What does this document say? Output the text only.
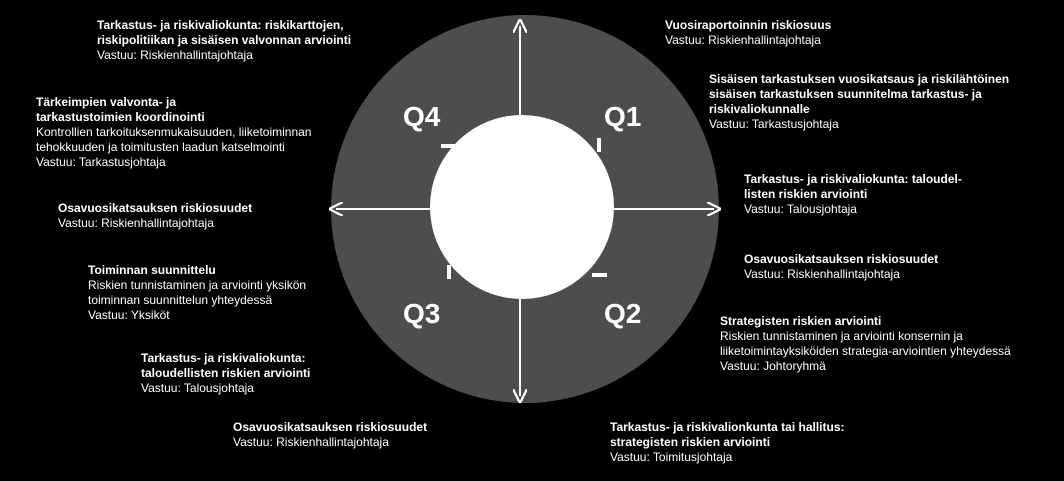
Q4	Q1
Q3	Q2
Tarkastus- ja riskivaliokunta: riskikarttojen,
riskipolitiikan ja sisäisen valvonnan arviointi
Vastuu: Riskienhallintajohtaja
Tärkeimpien valvonta- ja
tarkastustoimien koordinointi
Kontrollien tarkoituksenmukaisuuden, liiketoiminnan
tehokkuuden ja toimitusten laadun katselmointi
Vastuu: Tarkastusjohtaja
Osavuosikatsauksen riskiosuudet
Vastuu: Riskienhallintajohtaja
Toiminnan suunnittelu
Riskien tunnistaminen ja arviointi yksikön
toiminnan suunnittelun yhteydessä
Vastuu: Yksiköt
Tarkastus- ja riskivaliokunta:
taloudellisten riskien arviointi
Vastuu: Talousjohtaja
Osavuosikatsauksen riskiosuudet
Vastuu: Riskienhallintajohtaja
Vuosiraportoinnin riskiosuus
Vastuu: Riskienhallintajohtaja
Sisäisen tarkastuksen vuosikatsaus ja riskilähtöinen
sisäisen tarkastuksen suunnitelma tarkastus- ja
riskivaliokunnalle
Vastuu: Tarkastusjohtaja
Tarkastus- ja riskivaliokunta: taloudel-
listen riskien arviointi
Vastuu: Talousjohtaja
Osavuosikatsauksen riskiosuudet
Vastuu: Riskienhallintajohtaja
Strategisten riskien arviointi
Riskien tunnistaminen ja arviointi konsernin ja
liiketoimintayksiköiden strategia-arviointien yhteydessä
Vastuu: Johtoryhmä
Tarkastus- ja riskivalionkunta tai hallitus:
strategisten riskien arviointi
Vastuu: Toimitusjohtaja
